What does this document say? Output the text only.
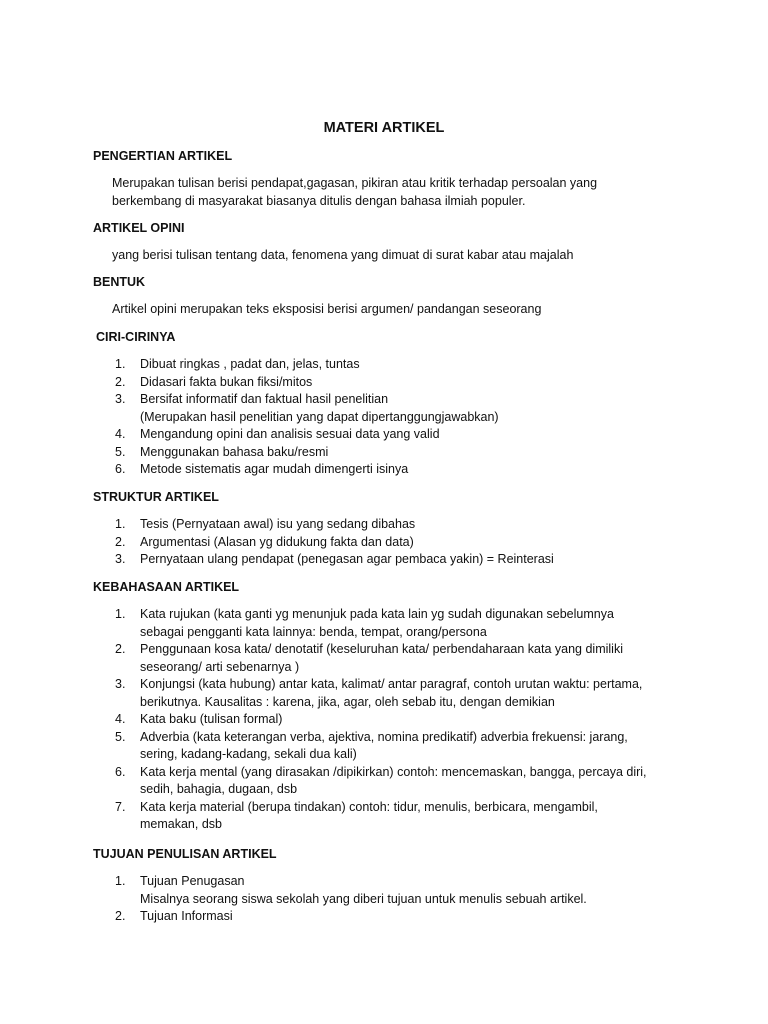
MATERI ARTIKEL
PENGERTIAN ARTIKEL
Merupakan tulisan berisi pendapat,gagasan, pikiran atau kritik terhadap persoalan yang
berkembang di masyarakat biasanya ditulis dengan bahasa ilmiah populer.
ARTIKEL OPINI
yang berisi tulisan tentang data, fenomena yang dimuat di surat kabar atau majalah
BENTUK
Artikel opini merupakan teks eksposisi berisi argumen/ pandangan seseorang
CIRI-CIRINYA
1. Dibuat ringkas , padat dan, jelas, tuntas
2. Didasari fakta bukan fiksi/mitos
3. Bersifat informatif dan faktual hasil penelitian
(Merupakan hasil penelitian yang dapat dipertanggungjawabkan)
4. Mengandung opini dan analisis sesuai data yang valid
5. Menggunakan bahasa baku/resmi
6. Metode sistematis agar mudah dimengerti isinya
STRUKTUR ARTIKEL
1. Tesis (Pernyataan awal) isu yang sedang dibahas
2. Argumentasi (Alasan yg didukung fakta dan data)
3. Pernyataan ulang pendapat (penegasan agar pembaca yakin) = Reinterasi
KEBAHASAAN ARTIKEL
1. Kata rujukan (kata ganti yg menunjuk pada kata lain yg sudah digunakan sebelumnya
sebagai pengganti kata lainnya: benda, tempat, orang/persona
2. Penggunaan kosa kata/ denotatif (keseluruhan kata/ perbendaharaan kata yang dimiliki
seseorang/ arti sebenarnya )
3. Konjungsi (kata hubung) antar kata, kalimat/ antar paragraf, contoh urutan waktu: pertama,
berikutnya. Kausalitas : karena, jika, agar, oleh sebab itu, dengan demikian
4. Kata baku (tulisan formal)
5. Adverbia (kata keterangan verba, ajektiva, nomina predikatif) adverbia frekuensi: jarang,
sering, kadang-kadang, sekali dua kali)
6. Kata kerja mental (yang dirasakan /dipikirkan) contoh: mencemaskan, bangga, percaya diri,
sedih, bahagia, dugaan, dsb
7. Kata kerja material (berupa tindakan) contoh: tidur, menulis, berbicara, mengambil,
memakan, dsb
TUJUAN PENULISAN ARTIKEL
1. Tujuan Penugasan
Misalnya seorang siswa sekolah yang diberi tujuan untuk menulis sebuah artikel.
2. Tujuan Informasi
